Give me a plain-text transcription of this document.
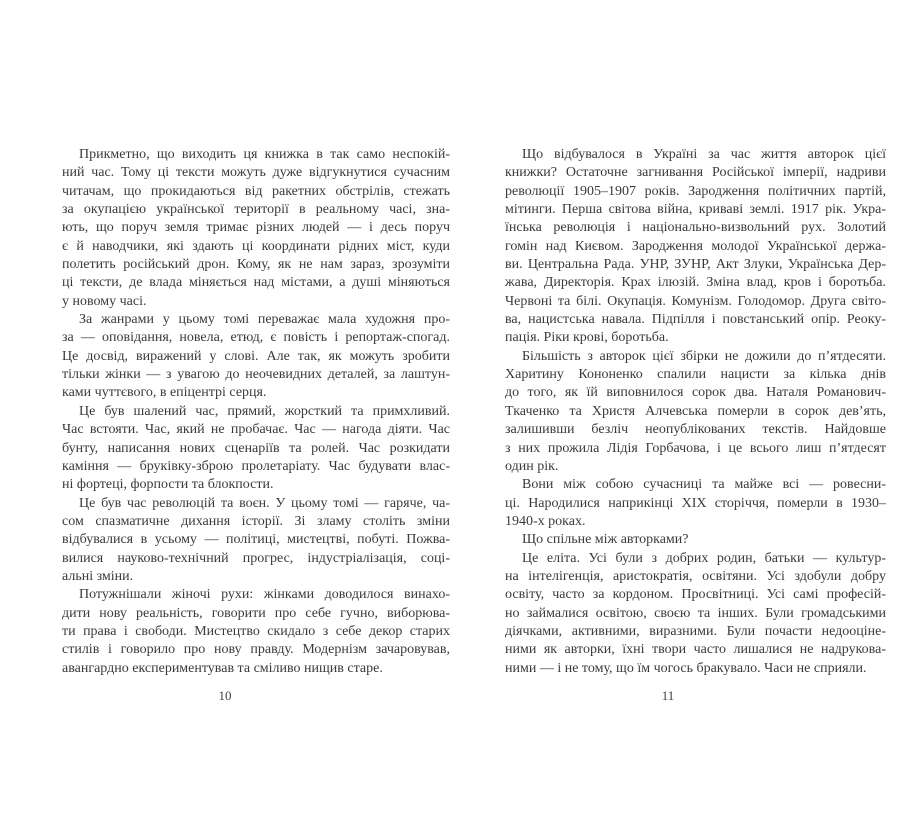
Прикметно, що виходить ця книжка в так само неспокій-
ний час. Тому ці тексти можуть дуже відгукнутися сучасним
читачам, що прокидаються від ракетних обстрілів, стежать
за окупацією української території в реальному часі, зна-
ють, що поруч земля тримає різних людей — і десь поруч
є й наводчики, які здають ці координати рідних міст, куди
полетить російський дрон. Кому, як не нам зараз, зрозуміти
ці тексти, де влада міняється над містами, а душі міняються
у новому часі.
За жанрами у цьому томі переважає мала художня про-
за — оповідання, новела, етюд, є повість і репортаж-спогад.
Це досвід, виражений у слові. Але так, як можуть зробити
тільки жінки — з увагою до неочевидних деталей, за лаштун-
ками чуттєвого, в епіцентрі серця.
Це був шалений час, прямий, жорсткий та примхливий.
Час встояти. Час, який не пробачає. Час — нагода діяти. Час
бунту, написання нових сценаріїв та ролей. Час розкидати
каміння — бруківку-зброю пролетаріату. Час будувати влас-
ні фортеці, форпости та блокпости.
Це був час революцій та воєн. У цьому томі — гаряче, ча-
сом спазматичне дихання історії. Зі зламу століть зміни
відбувалися в усьому — політиці, мистецтві, побуті. Пожва-
вилися науково-технічний прогрес, індустріалізація, соці-
альні зміни.
Потужнішали жіночі рухи: жінками доводилося винахо-
дити нову реальність, говорити про себе гучно, виборюва-
ти права і свободи. Мистецтво скидало з себе декор старих
стилів і говорило про нову правду. Модернізм зачаровував,
авангардно експериментував та сміливо нищив старе.
10
Що відбувалося в Україні за час життя авторок цієї
книжки? Остаточне загнивання Російської імперії, надриви
революції 1905–1907 років. Зародження політичних партій,
мітинги. Перша світова війна, криваві землі. 1917 рік. Укра-
їнська революція і національно-визвольний рух. Золотий
гомін над Києвом. Зародження молодої Української держа-
ви. Центральна Рада. УНР, ЗУНР, Акт Злуки, Українська Дер-
жава, Директорія. Крах ілюзій. Зміна влад, кров і боротьба.
Червоні та білі. Окупація. Комунізм. Голодомор. Друга світо-
ва, нацистська навала. Підпілля і повстанський опір. Реоку-
пація. Ріки крові, боротьба.
Більшість з авторок цієї збірки не дожили до п’ятдесяти.
Харитину Кононенко спалили нацисти за кілька днів
до того, як їй виповнилося сорок два. Наталя Романович-
Ткаченко та Христя Алчевська померли в сорок дев’ять,
залишивши безліч неопублікованих текстів. Найдовше
з них прожила Лідія Горбачова, і це всього лиш п’ятдесят
один рік.
Вони між собою сучасниці та майже всі — ровесни-
ці. Народилися наприкінці XIX сторіччя, померли в 1930–
1940-х роках.
Що спільне між авторками?
Це еліта. Усі були з добрих родин, батьки — культур-
на інтелігенція, аристократія, освітяни. Усі здобули добру
освіту, часто за кордоном. Просвітниці. Усі самі професій-
но займалися освітою, своєю та інших. Були громадськими
діячками, активними, виразними. Були почасти недооціне-
ними як авторки, їхні твори часто лишалися не надрукова-
ними — і не тому, що їм чогось бракувало. Часи не сприяли.
11
